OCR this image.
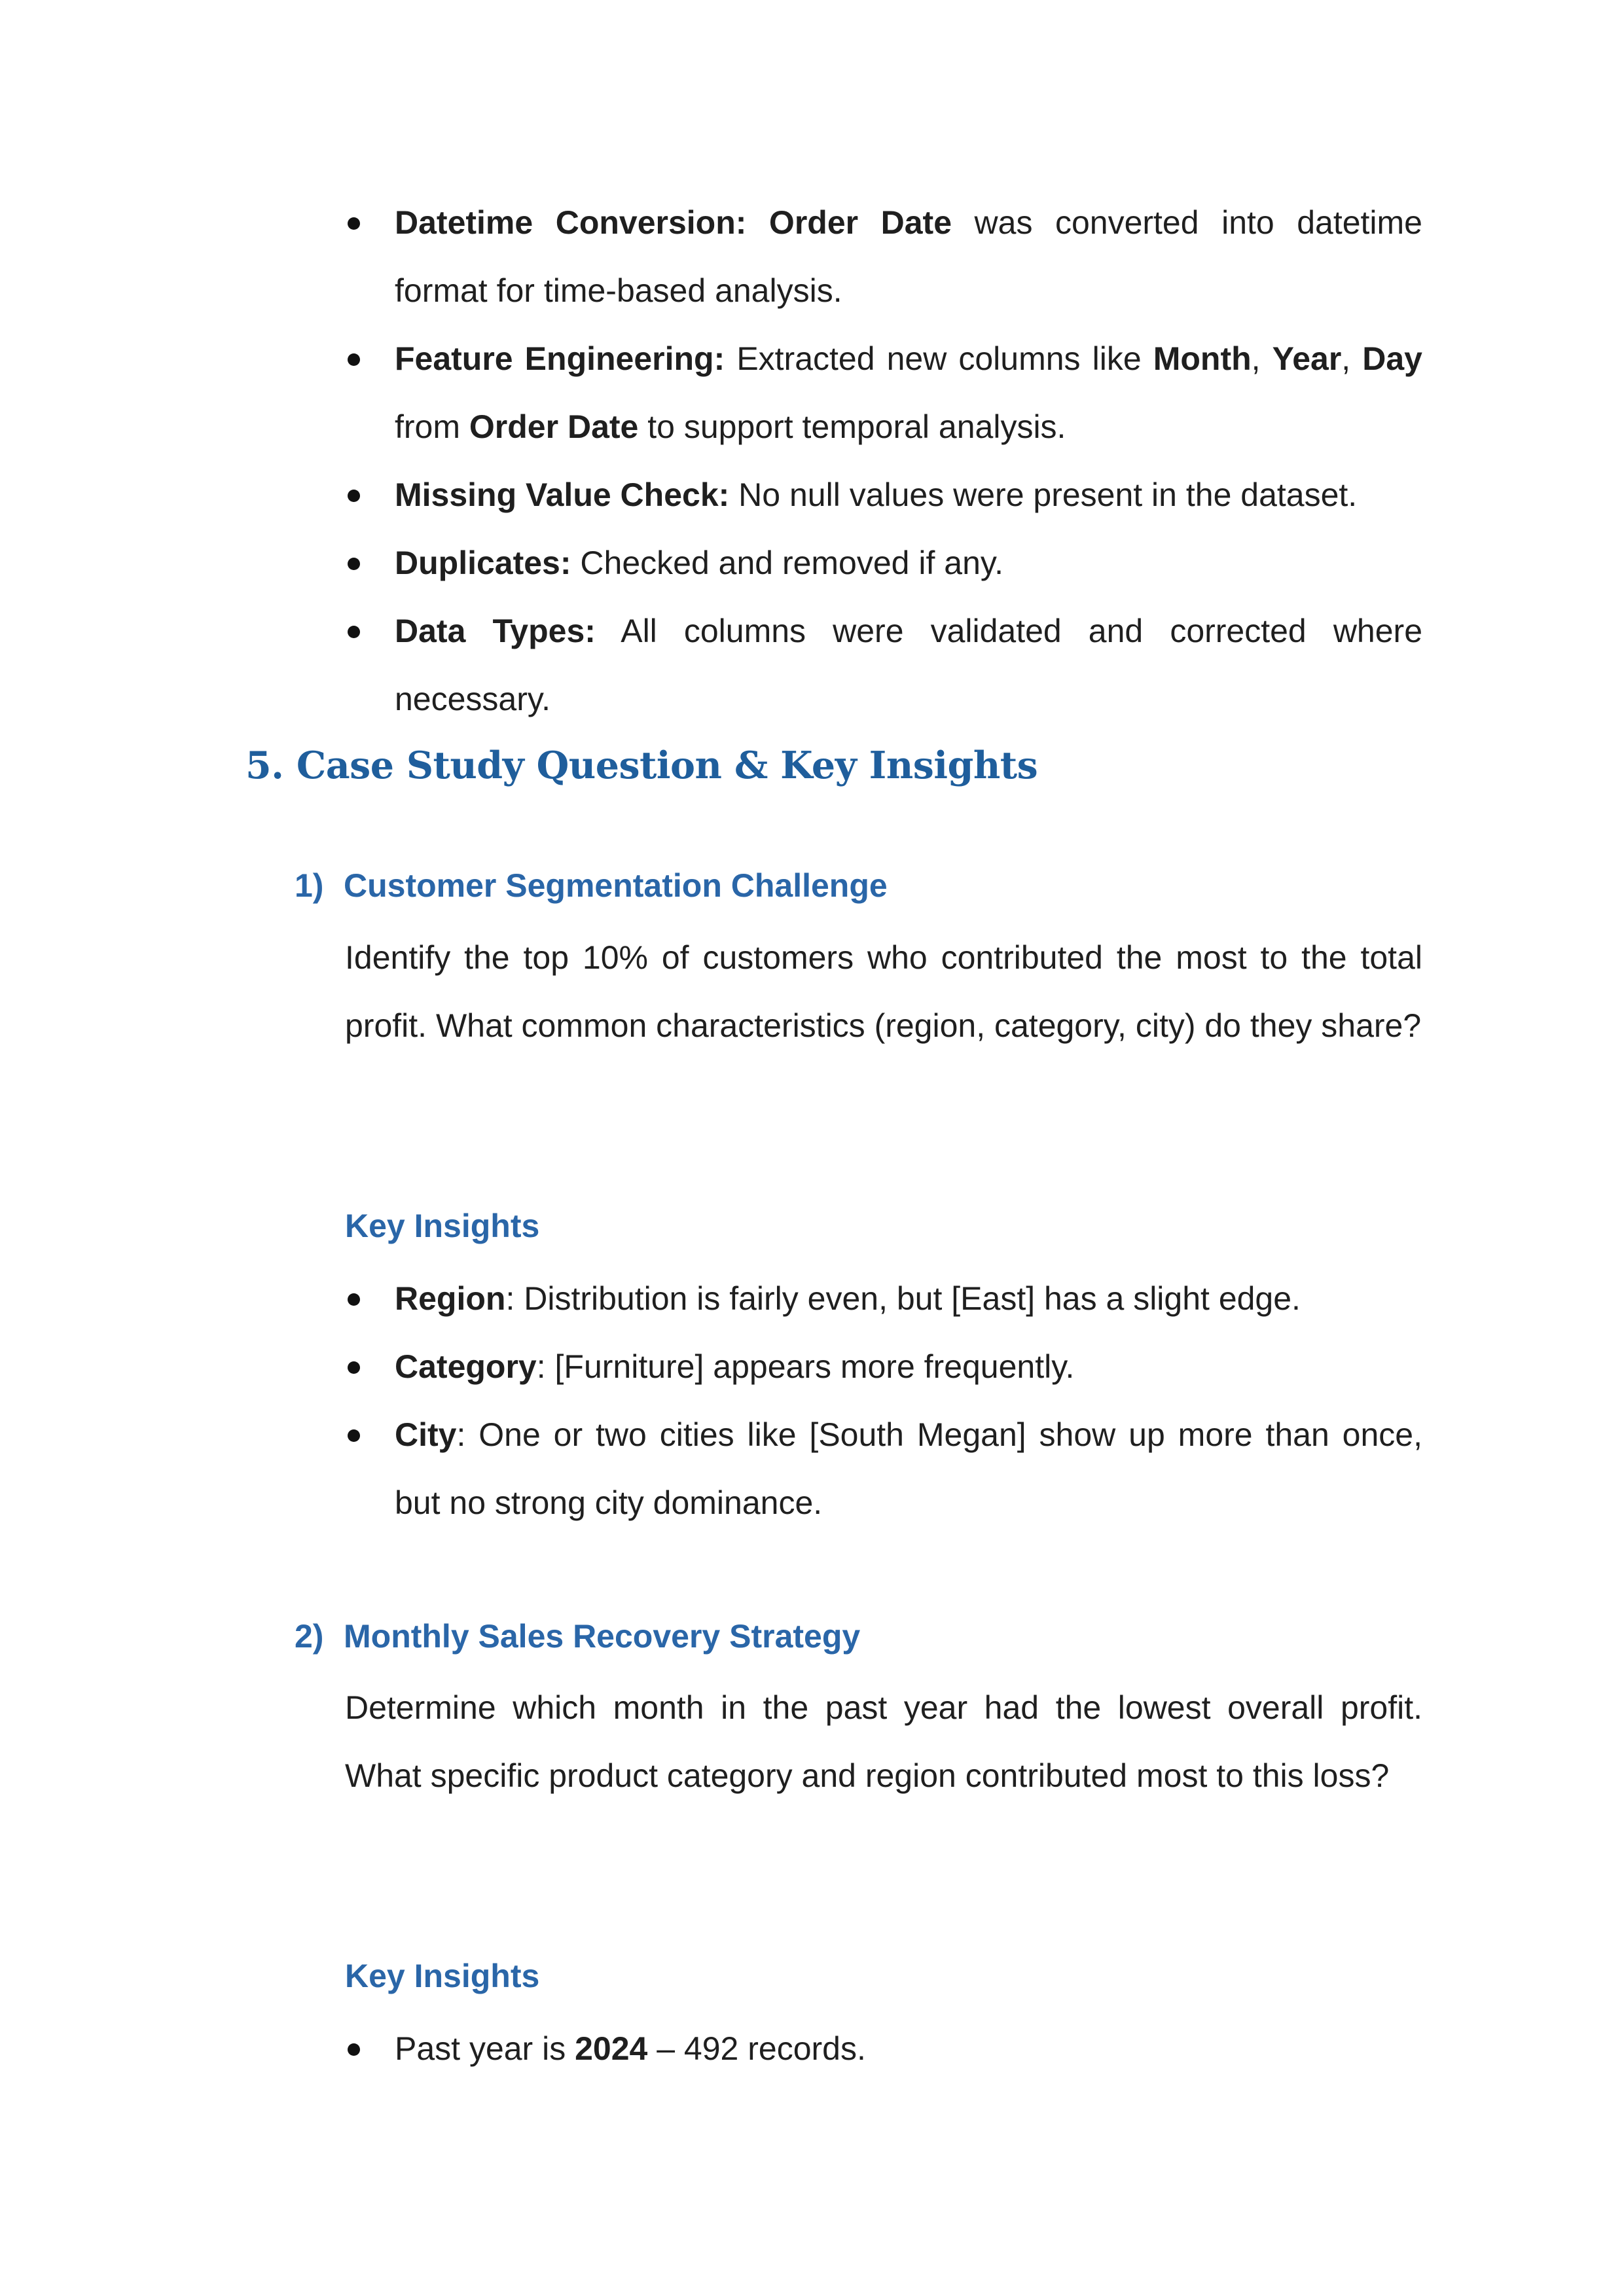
Datetime Conversion: Order Date was converted into datetime format for time-based analysis.
Feature Engineering: Extracted new columns like Month, Year, Day from Order Date to support temporal analysis.
Missing Value Check: No null values were present in the dataset.
Duplicates: Checked and removed if any.
Data Types: All columns were validated and corrected where necessary.
5. Case Study Question & Key Insights
1) Customer Segmentation Challenge

Identify the top 10% of customers who contributed the most to the total profit. What common characteristics (region, category, city) do they share?

Key Insights
Region: Distribution is fairly even, but [East] has a slight edge.
Category: [Furniture] appears more frequently.
City: One or two cities like [South Megan] show up more than once, but no strong city dominance.
2) Monthly Sales Recovery Strategy

Determine which month in the past year had the lowest overall profit. What specific product category and region contributed most to this loss?

Key Insights
Past year is 2024 – 492 records.
